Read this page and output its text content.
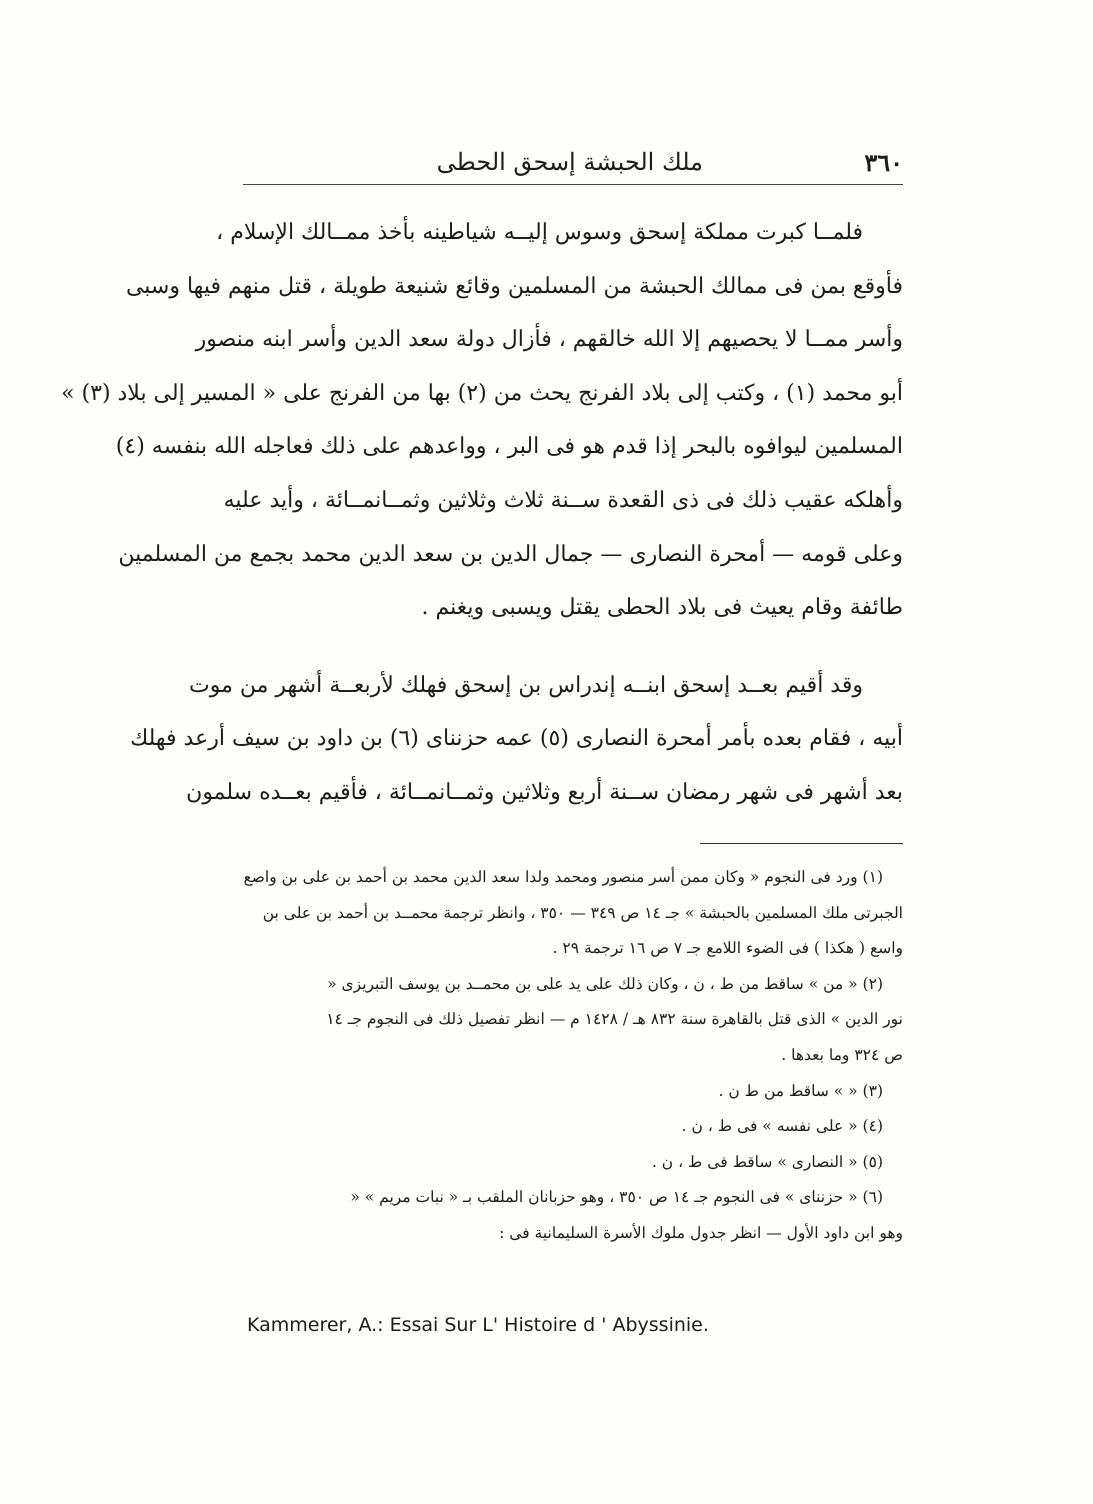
٣٦٠
ملك الحبشة إسحق الحطى

فلمــا كبرت مملكة إسحق وسوس إليــه شياطينه بأخذ ممــالك الإسلام ،
فأوقع بمن فى ممالك الحبشة من المسلمين وقائع شنيعة طويلة ، قتل منهم فيها وسبى
وأسر ممــا لا يحصيهم إلا الله خالقهم ، فأزال دولة سعد الدين وأسر ابنه منصور
أبو محمد (١) ، وكتب إلى بلاد الفرنج يحث من (٢) بها من الفرنج على « المسير إلى بلاد (٣) »
المسلمين ليوافوه بالبحر إذا قدم هو فى البر ، وواعدهم على ذلك فعاجله الله بنفسه (٤)
وأهلكه عقيب ذلك فى ذى القعدة ســنة ثلاث وثلاثين وثمــانمــائة ، وأيد عليه
وعلى قومه — أمحرة النصارى — جمال الدين بن سعد الدين محمد بجمع من المسلمين
طائفة وقام يعيث فى بلاد الحطى يقتل ويسبى ويغنم .

وقد أقيم بعــد إسحق ابنــه إندراس بن إسحق فهلك لأربعــة أشهر من موت
أبيه ، فقام بعده بأمر أمحرة النصارى (٥) عمه حزنناى (٦) بن داود بن سيف أرعد فهلك
بعد أشهر فى شهر رمضان ســنة أربع وثلاثين وثمــانمــائة ، فأقيم بعــده سلمون

(١) ورد فى النجوم « وكان ممن أسر منصور ومحمد ولدا سعد الدين محمد بن أحمد بن على بن واصع
الجبرتى ملك المسلمين بالحبشة » جـ ١٤ ص ٣٤٩ — ٣٥٠ ، وانظر ترجمة محمــد بن أحمد بن على بن
واسع ( هكذا ) فى الضوء اللامع جـ ٧ ص ١٦ ترجمة ٢٩ .
(٢) « من » ساقط من ط ، ن ، وكان ذلك على يد على بن محمــد بن يوسف التبريزى «
نور الدين » الذى قتل بالقاهرة سنة ٨٣٢ هـ / ١٤٢٨ م — انظر تفصيل ذلك فى النجوم جـ ١٤
ص ٣٢٤ وما بعدها .
(٣) « » ساقط من ط ن .
(٤) « على نفسه » فى ط ، ن .
(٥) « النصارى » ساقط فى ط ، ن .
(٦) « حزنناى » فى النجوم جـ ١٤ ص ٣٥٠ ، وهو حزبانان الملقب بـ « نبات مريم » «
وهو ابن داود الأول — انظر جدول ملوك الأسرة السليمانية فى :
Kammerer, A.: Essai Sur L' Histoire d ' Abyssinie.
